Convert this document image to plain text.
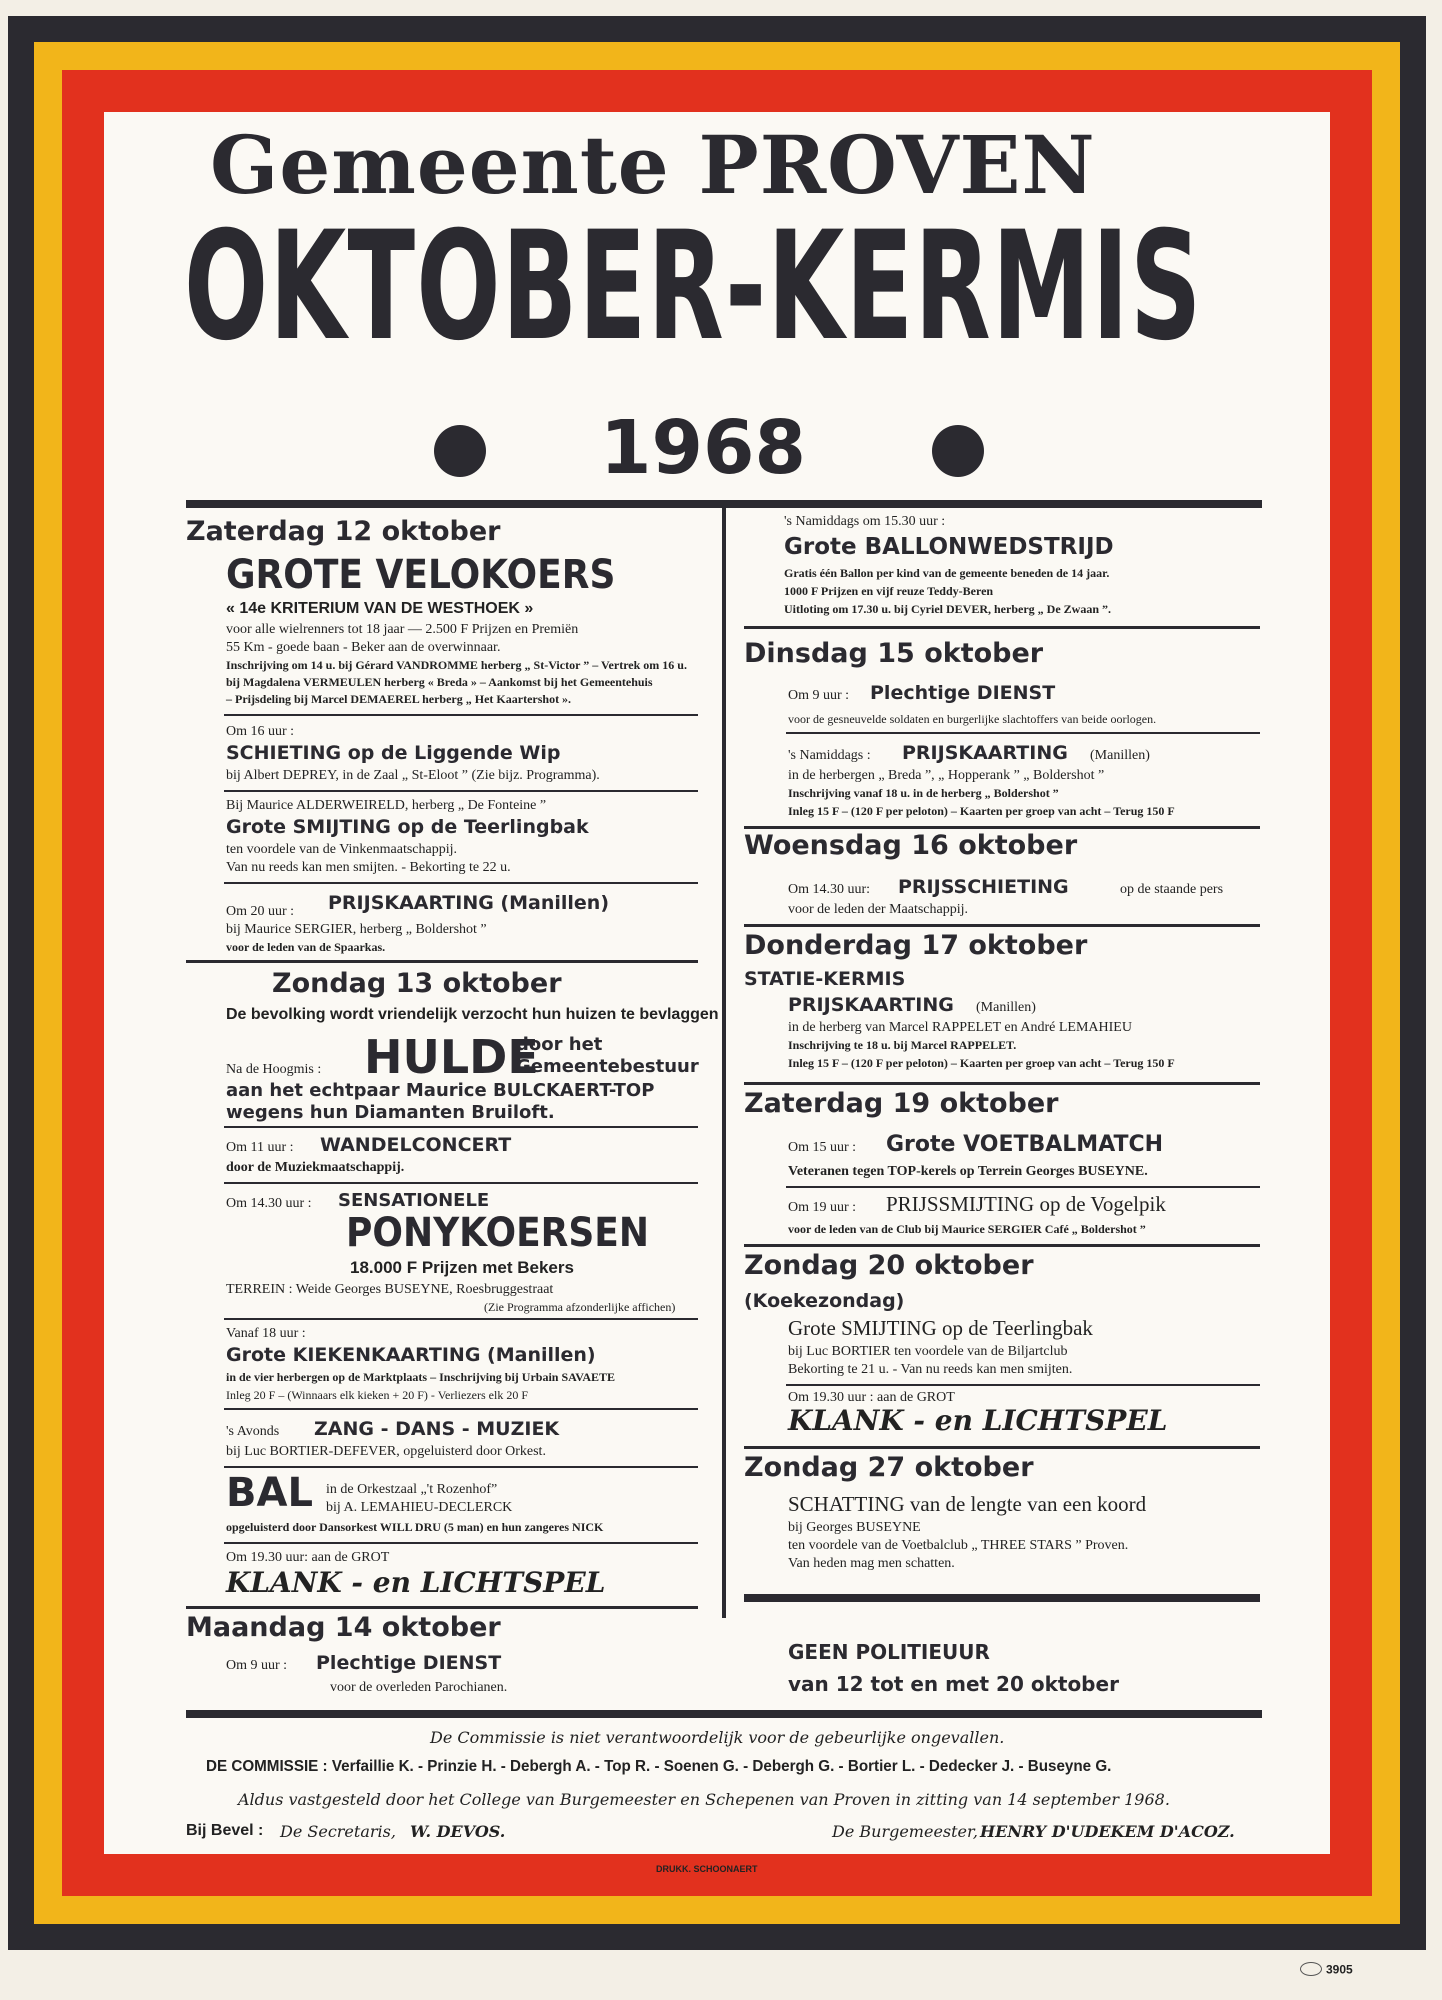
Gemeente PROVEN
OKTOBER-KERMIS
1968
Zaterdag 12 oktober
GROTE VELOKOERS
« 14e KRITERIUM VAN DE WESTHOEK »
voor alle wielrenners tot 18 jaar — 2.500 F Prijzen en Premiën
55 Km - goede baan - Beker aan de overwinnaar.
Inschrijving om 14 u. bij Gérard VANDROMME herberg „ St-Victor ” – Vertrek om 16 u.
bij Magdalena VERMEULEN herberg « Breda » – Aankomst bij het Gemeentehuis
– Prijsdeling bij Marcel DEMAEREL herberg „ Het Kaartershot ».
Om 16 uur :
SCHIETING op de Liggende Wip
bij Albert DEPREY, in de Zaal „ St-Eloot ” (Zie bijz. Programma).
Bij Maurice ALDERWEIRELD, herberg „ De Fonteine ”
Grote SMIJTING op de Teerlingbak
ten voordele van de Vinkenmaatschappij.
Van nu reeds kan men smijten. - Bekorting te 22 u.
Om 20 uur : PRIJSKAARTING (Manillen)
bij Maurice SERGIER, herberg „ Boldershot ”
voor de leden van de Spaarkas.
Zondag 13 oktober
De bevolking wordt vriendelijk verzocht hun huizen te bevlaggen
Na de Hoogmis : HULDE
door het
Gemeentebestuur
aan het echtpaar Maurice BULCKAERT-TOP
wegens hun Diamanten Bruiloft.
Om 11 uur : WANDELCONCERT
door de Muziekmaatschappij.
Om 14.30 uur : SENSATIONELE
PONYKOERSEN
18.000 F Prijzen met Bekers
TERREIN : Weide Georges BUSEYNE, Roesbruggestraat
(Zie Programma afzonderlijke affichen)
Vanaf 18 uur :
Grote KIEKENKAARTING (Manillen)
in de vier herbergen op de Marktplaats – Inschrijving bij Urbain SAVAETE
Inleg 20 F – (Winnaars elk kieken + 20 F) - Verliezers elk 20 F
's Avonds ZANG - DANS - MUZIEK
bij Luc BORTIER-DEFEVER, opgeluisterd door Orkest.
BAL in de Orkestzaal „'t Rozenhof”
bij A. LEMAHIEU-DECLERCK
opgeluisterd door Dansorkest WILL DRU (5 man) en hun zangeres NICK
Om 19.30 uur: aan de GROT
KLANK - en LICHTSPEL
Maandag 14 oktober
Om 9 uur : Plechtige DIENST
voor de overleden Parochianen.
's Namiddags om 15.30 uur :
Grote BALLONWEDSTRIJD
Gratis één Ballon per kind van de gemeente beneden de 14 jaar.
1000 F Prijzen en vijf reuze Teddy-Beren
Uitloting om 17.30 u. bij Cyriel DEVER, herberg „ De Zwaan ”.
Dinsdag 15 oktober
Om 9 uur : Plechtige DIENST
voor de gesneuvelde soldaten en burgerlijke slachtoffers van beide oorlogen.
's Namiddags : PRIJSKAARTING (Manillen)
in de herbergen „ Breda ”, „ Hopperank ” „ Boldershot ”
Inschrijving vanaf 18 u. in de herberg „ Boldershot ”
Inleg 15 F – (120 F per peloton) – Kaarten per groep van acht – Terug 150 F
Woensdag 16 oktober
Om 14.30 uur: PRIJSSCHIETING	op de staande pers
voor de leden der Maatschappij.
Donderdag 17 oktober
STATIE-KERMIS
PRIJSKAARTING (Manillen)
in de herberg van Marcel RAPPELET en André LEMAHIEU
Inschrijving te 18 u. bij Marcel RAPPELET.
Inleg 15 F – (120 F per peloton) – Kaarten per groep van acht – Terug 150 F
Zaterdag 19 oktober
Om 15 uur : Grote VOETBALMATCH
Veteranen tegen TOP-kerels op Terrein Georges BUSEYNE.
Om 19 uur : PRIJSSMIJTING op de Vogelpik
voor de leden van de Club bij Maurice SERGIER Café „ Boldershot ”
Zondag 20 oktober
(Koekezondag)
Grote SMIJTING op de Teerlingbak
bij Luc BORTIER ten voordele van de Biljartclub
Bekorting te 21 u. - Van nu reeds kan men smijten.
Om 19.30 uur : aan de GROT
KLANK - en LICHTSPEL
Zondag 27 oktober
SCHATTING van de lengte van een koord
bij Georges BUSEYNE
ten voordele van de Voetbalclub „ THREE STARS ” Proven.
Van heden mag men schatten.
GEEN POLITIEUUR
van 12 tot en met 20 oktober
De Commissie is niet verantwoordelijk voor de gebeurlijke ongevallen.
DE COMMISSIE : Verfaillie K. - Prinzie H. - Debergh A. - Top R. - Soenen G. - Debergh G. - Bortier L. - Dedecker J. - Buseyne G.
Aldus vastgesteld door het College van Burgemeester en Schepenen van Proven in zitting van 14 september 1968.
Bij Bevel : De Secretaris, W. DEVOS.	De Burgemeester, HENRY D'UDEKEM D'ACOZ.
DRUKK. SCHOONAERT
3905
